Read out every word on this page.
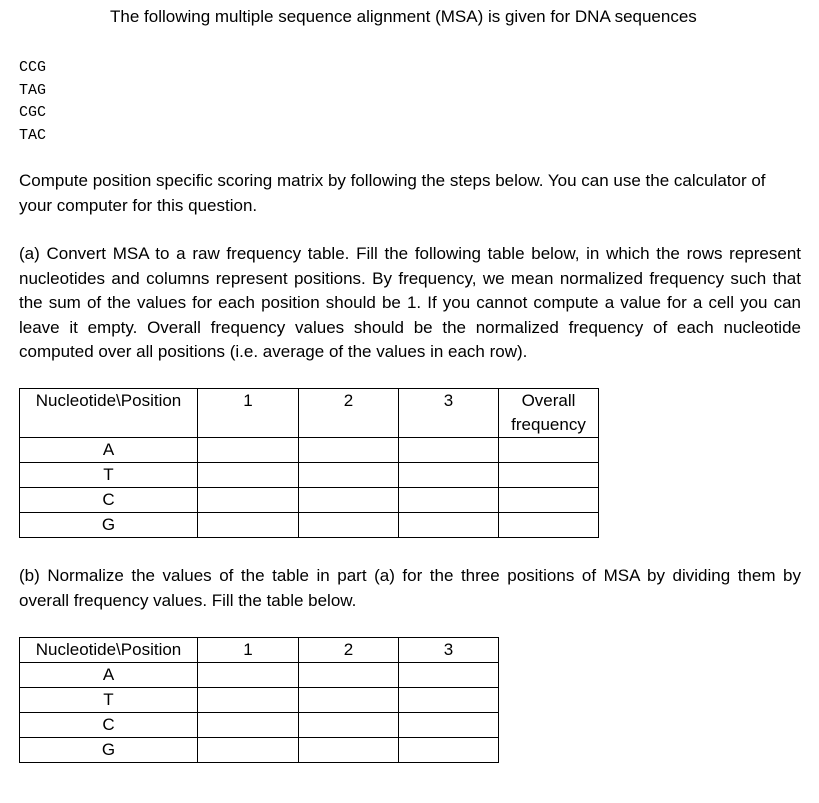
The following multiple sequence alignment (MSA) is given for DNA sequences
CCG
TAG
CGC
TAC
Compute position specific scoring matrix by following the steps below. You can use the calculator of your computer for this question.
(a) Convert MSA to a raw frequency table. Fill the following table below, in which the rows represent nucleotides and columns represent positions. By frequency, we mean normalized frequency such that the sum of the values for each position should be 1. If you cannot compute a value for a cell you can leave it empty. Overall frequency values should be the normalized frequency of each nucleotide computed over all positions (i.e. average of the values in each row).
Nucleotide\Position	1	2	3	Overall
frequency

A				
T				
C				
G				
(b) Normalize the values of the table in part (a) for the three positions of MSA by dividing them by overall frequency values. Fill the table below.
Nucleotide\Position	1	2	3
A			
T			
C			
G			
